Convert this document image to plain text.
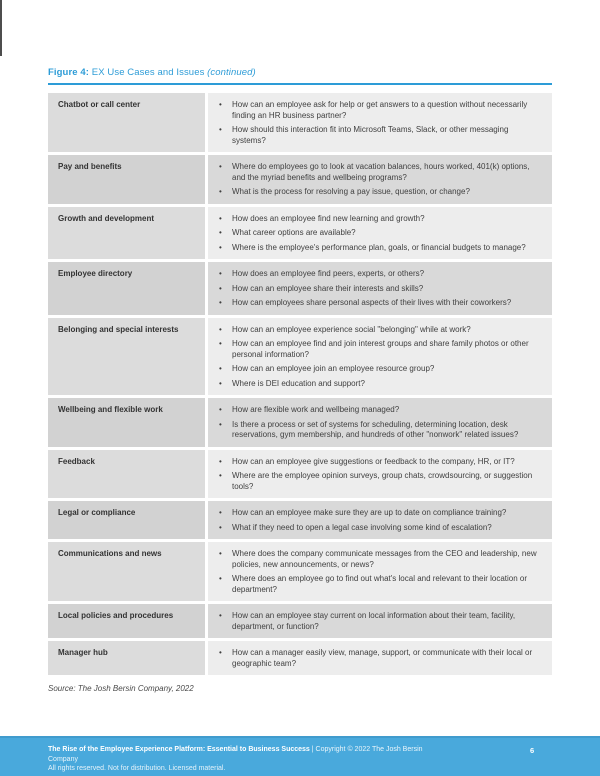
Figure 4: EX Use Cases and Issues (continued)
Chatbot or call center	•	How can an employee ask for help or get answers to a question without necessarily finding an HR business partner?
•	How should this interaction fit into Microsoft Teams, Slack, or other messaging systems?
Pay and benefits	•	Where do employees go to look at vacation balances, hours worked, 401(k) options, and the myriad benefits and wellbeing programs?
•	What is the process for resolving a pay issue, question, or change?
Growth and development	•	How does an employee find new learning and growth?
•	What career options are available?
•	Where is the employee's performance plan, goals, or financial budgets to manage?
Employee directory	•	How does an employee find peers, experts, or others?
•	How can an employee share their interests and skills?
•	How can employees share personal aspects of their lives with their coworkers?
Belonging and special interests	•	How can an employee experience social "belonging" while at work?
•	How can an employee find and join interest groups and share family photos or other personal information?
•	How can an employee join an employee resource group?
•	Where is DEI education and support?
Wellbeing and flexible work	•	How are flexible work and wellbeing managed?
•	Is there a process or set of systems for scheduling, determining location, desk reservations, gym membership, and hundreds of other "nonwork" related issues?
Feedback	•	How can an employee give suggestions or feedback to the company, HR, or IT?
•	Where are the employee opinion surveys, group chats, crowdsourcing, or suggestion tools?
Legal or compliance	•	How can an employee make sure they are up to date on compliance training?
•	What if they need to open a legal case involving some kind of escalation?
Communications and news	•	Where does the company communicate messages from the CEO and leadership, new policies, new announcements, or news?
•	Where does an employee go to find out what's local and relevant to their location or department?
Local policies and procedures	•	How can an employee stay current on local information about their team, facility, department, or function?
Manager hub	•	How can a manager easily view, manage, support, or communicate with their local or geographic team?
Source: The Josh Bersin Company, 2022
The Rise of the Employee Experience Platform: Essential to Business Success | Copyright © 2022 The Josh Bersin Company
All rights reserved. Not for distribution. Licensed material.
6
